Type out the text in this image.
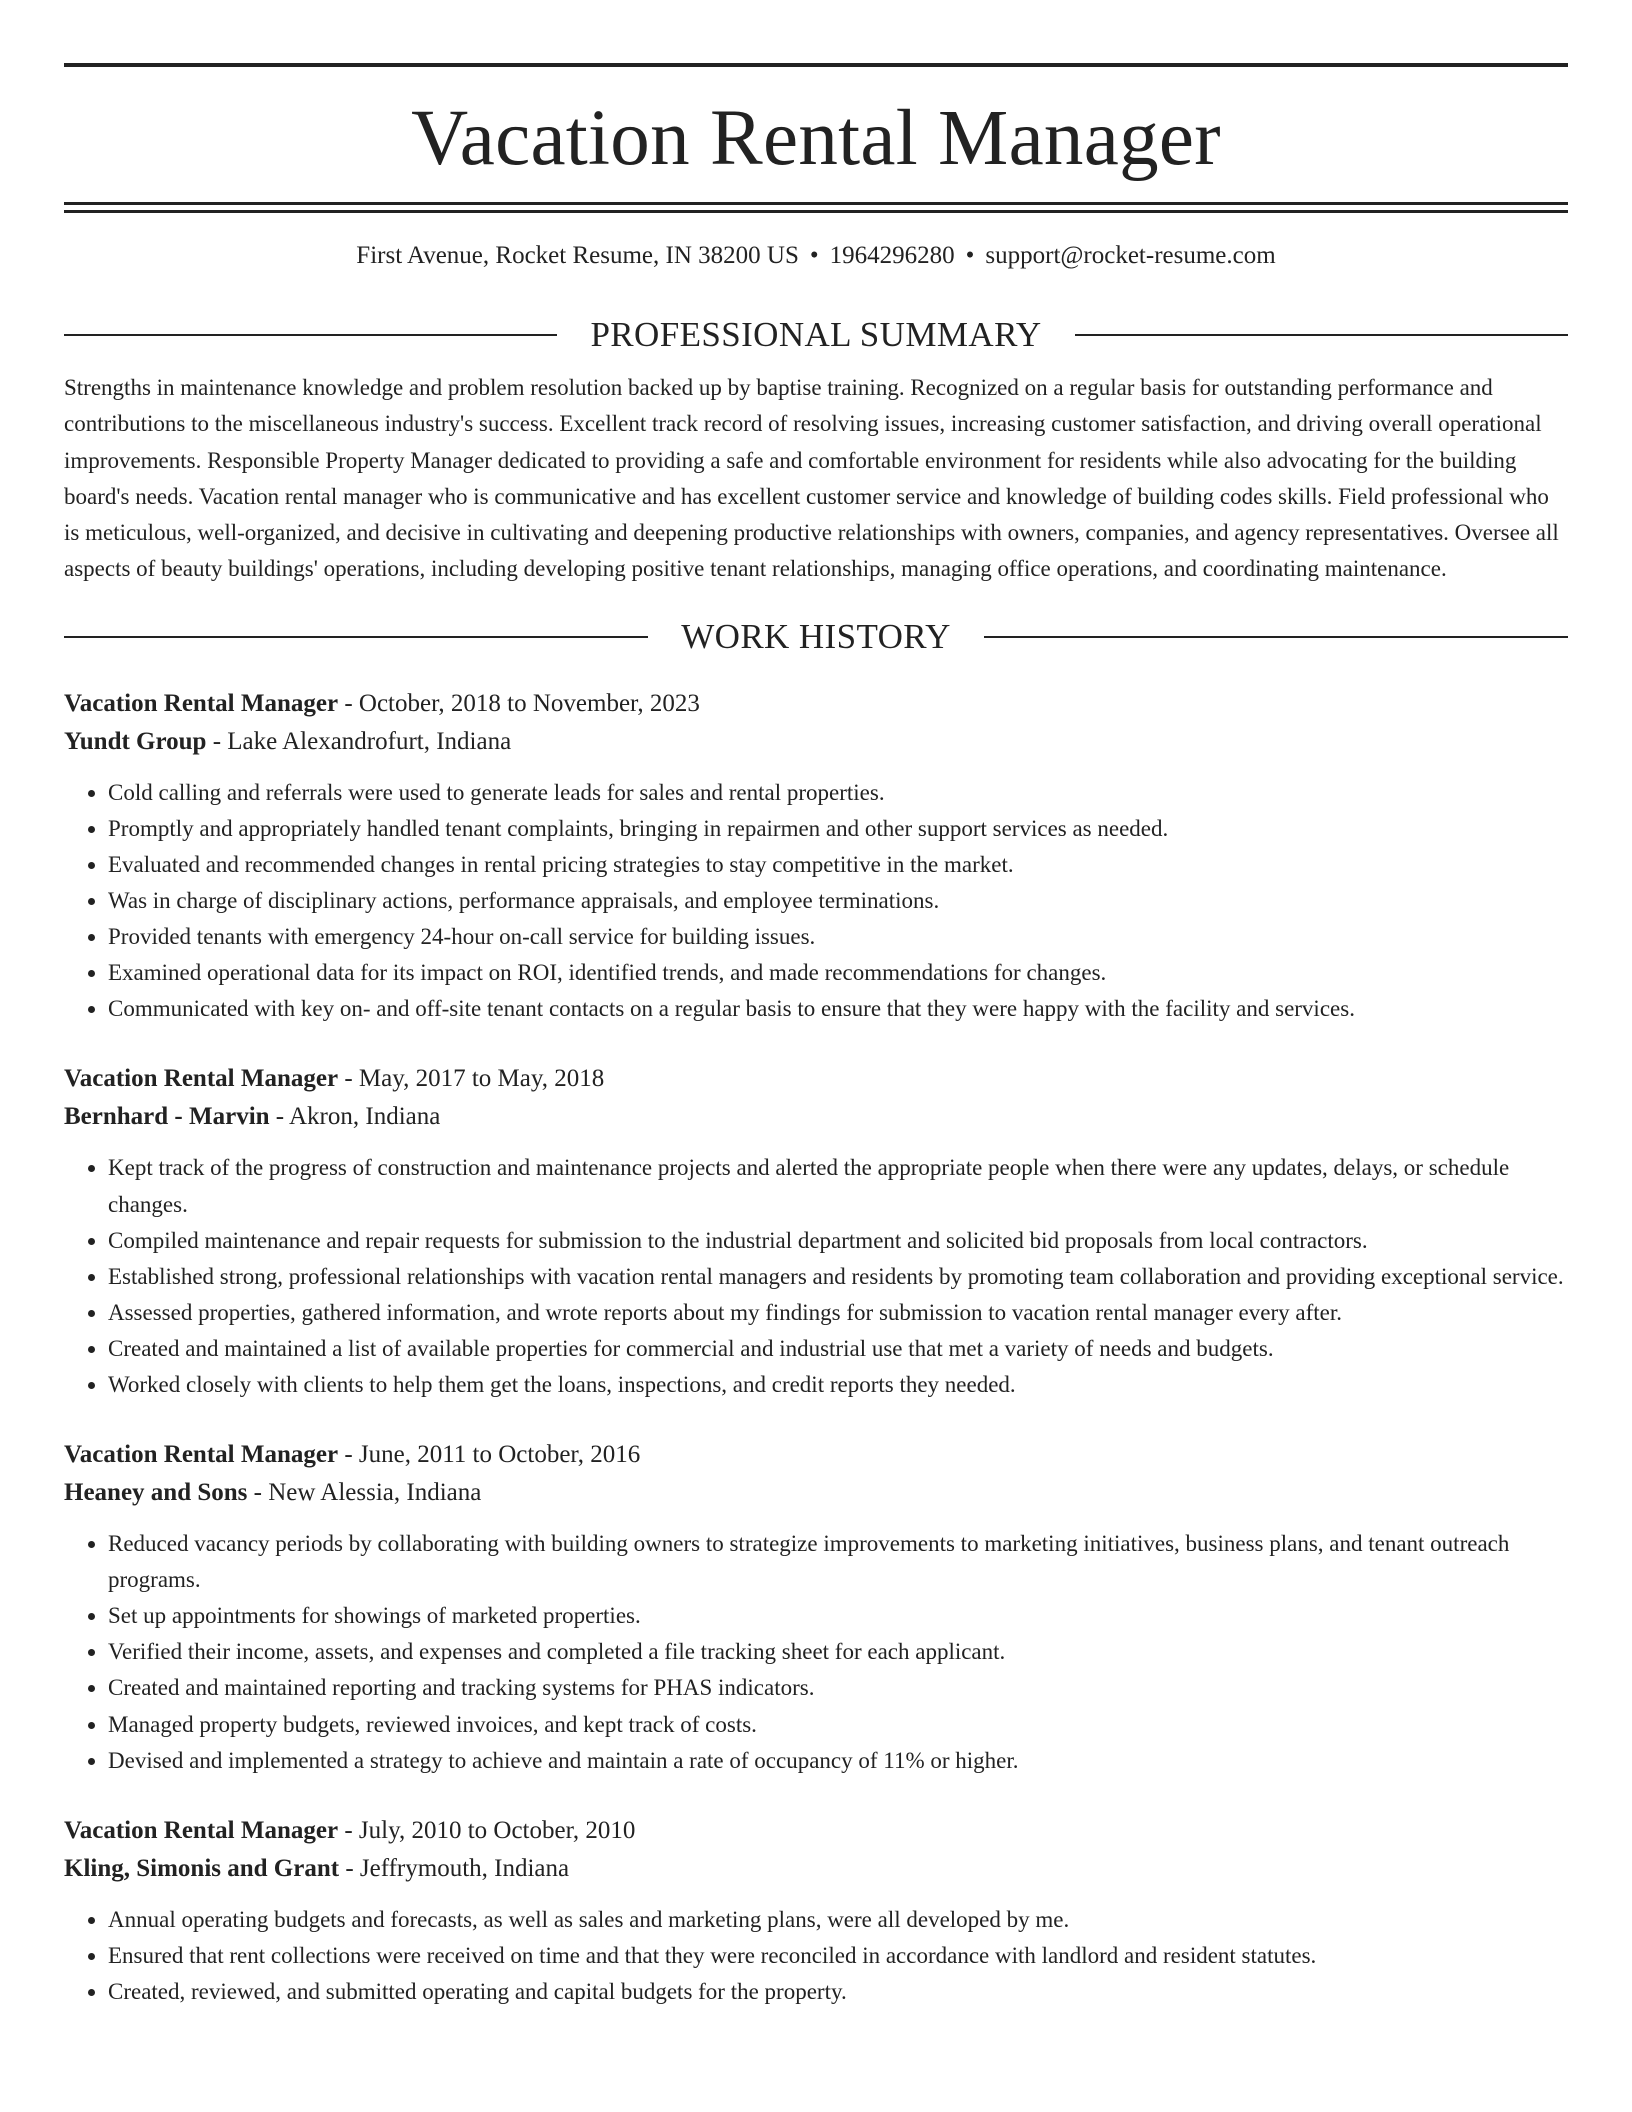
Vacation Rental Manager
First Avenue, Rocket Resume, IN 38200 US • 1964296280 • support@rocket-resume.com
PROFESSIONAL SUMMARY

Strengths in maintenance knowledge and problem resolution backed up by baptise training. Recognized on a regular basis for outstanding performance and contributions to the miscellaneous industry's success. Excellent track record of resolving issues, increasing customer satisfaction, and driving overall operational improvements. Responsible Property Manager dedicated to providing a safe and comfortable environment for residents while also advocating for the building board's needs. Vacation rental manager who is communicative and has excellent customer service and knowledge of building codes skills. Field professional who is meticulous, well-organized, and decisive in cultivating and deepening productive relationships with owners, companies, and agency representatives. Oversee all aspects of beauty buildings' operations, including developing positive tenant relationships, managing office operations, and coordinating maintenance.

WORK HISTORY
Vacation Rental Manager - October, 2018 to November, 2023
Yundt Group - Lake Alexandrofurt, Indiana
• Cold calling and referrals were used to generate leads for sales and rental properties.
• Promptly and appropriately handled tenant complaints, bringing in repairmen and other support services as needed.
• Evaluated and recommended changes in rental pricing strategies to stay competitive in the market.
• Was in charge of disciplinary actions, performance appraisals, and employee terminations.
• Provided tenants with emergency 24-hour on-call service for building issues.
• Examined operational data for its impact on ROI, identified trends, and made recommendations for changes.
• Communicated with key on- and off-site tenant contacts on a regular basis to ensure that they were happy with the facility and services.
Vacation Rental Manager - May, 2017 to May, 2018
Bernhard - Marvin - Akron, Indiana
• Kept track of the progress of construction and maintenance projects and alerted the appropriate people when there were any updates, delays, or schedule changes.
• Compiled maintenance and repair requests for submission to the industrial department and solicited bid proposals from local contractors.
• Established strong, professional relationships with vacation rental managers and residents by promoting team collaboration and providing exceptional service.
• Assessed properties, gathered information, and wrote reports about my findings for submission to vacation rental manager every after.
• Created and maintained a list of available properties for commercial and industrial use that met a variety of needs and budgets.
• Worked closely with clients to help them get the loans, inspections, and credit reports they needed.
Vacation Rental Manager - June, 2011 to October, 2016
Heaney and Sons - New Alessia, Indiana
• Reduced vacancy periods by collaborating with building owners to strategize improvements to marketing initiatives, business plans, and tenant outreach programs.
• Set up appointments for showings of marketed properties.
• Verified their income, assets, and expenses and completed a file tracking sheet for each applicant.
• Created and maintained reporting and tracking systems for PHAS indicators.
• Managed property budgets, reviewed invoices, and kept track of costs.
• Devised and implemented a strategy to achieve and maintain a rate of occupancy of 11% or higher.
Vacation Rental Manager - July, 2010 to October, 2010
Kling, Simonis and Grant - Jeffrymouth, Indiana
• Annual operating budgets and forecasts, as well as sales and marketing plans, were all developed by me.
• Ensured that rent collections were received on time and that they were reconciled in accordance with landlord and resident statutes.
• Created, reviewed, and submitted operating and capital budgets for the property.
